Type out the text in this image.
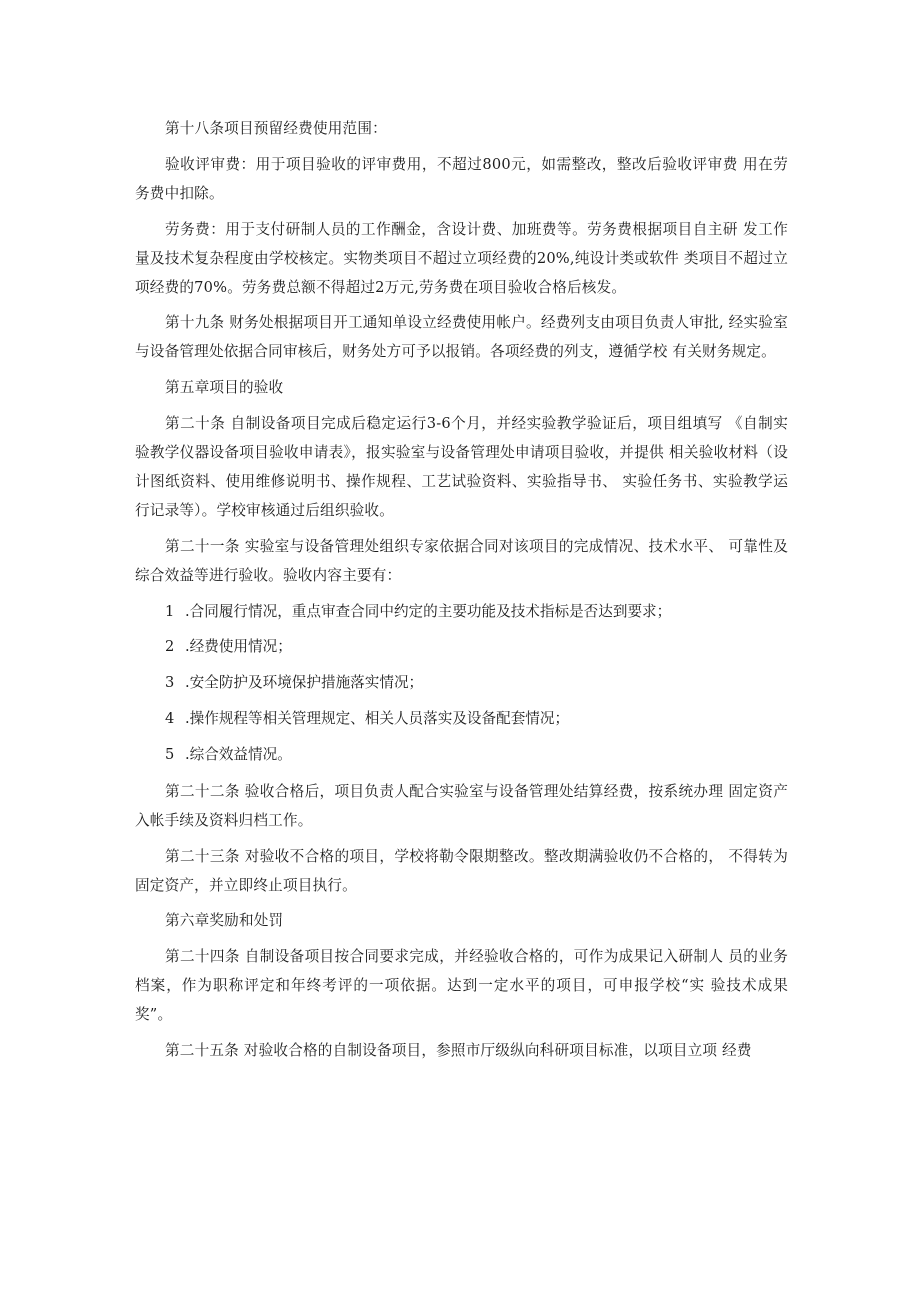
第十八条项目预留经费使用范围：

验收评审费：用于项目验收的评审费用，不超过800元，如需整改，整改后验收评审费 用在劳务费中扣除。

劳务费：用于支付研制人员的工作酬金，含设计费、加班费等。劳务费根据项目自主研 发工作量及技术复杂程度由学校核定。实物类项目不超过立项经费的20%,纯设计类或软件 类项目不超过立项经费的70%。劳务费总额不得超过2万元,劳务费在项目验收合格后核发。

第十九条 财务处根据项目开工通知单设立经费使用帐户。经费列支由项目负责人审批, 经实验室与设备管理处依据合同审核后，财务处方可予以报销。各项经费的列支，遵循学校 有关财务规定。

第五章项目的验收

第二十条 自制设备项目完成后稳定运行3-6个月，并经实验教学验证后，项目组填写 《自制实验教学仪器设备项目验收申请表》，报实验室与设备管理处申请项目验收，并提供 相关验收材料（设计图纸资料、使用维修说明书、操作规程、工艺试验资料、实验指导书、 实验任务书、实验教学运行记录等）。学校审核通过后组织验收。

第二十一条 实验室与设备管理处组织专家依据合同对该项目的完成情况、技术水平、 可靠性及综合效益等进行验收。验收内容主要有：

1 .合同履行情况，重点审查合同中约定的主要功能及技术指标是否达到要求；
2 .经费使用情况；
3 .安全防护及环境保护措施落实情况；
4 .操作规程等相关管理规定、相关人员落实及设备配套情况；
5 .综合效益情况。

第二十二条 验收合格后，项目负责人配合实验室与设备管理处结算经费，按系统办理 固定资产入帐手续及资料归档工作。

第二十三条 对验收不合格的项目，学校将勒令限期整改。整改期满验收仍不合格的， 不得转为固定资产，并立即终止项目执行。

第六章奖励和处罚

第二十四条 自制设备项目按合同要求完成，并经验收合格的，可作为成果记入研制人 员的业务档案，作为职称评定和年终考评的一项依据。达到一定水平的项目，可申报学校“实 验技术成果奖”。

第二十五条 对验收合格的自制设备项目，参照市厅级纵向科研项目标准，以项目立项 经费
